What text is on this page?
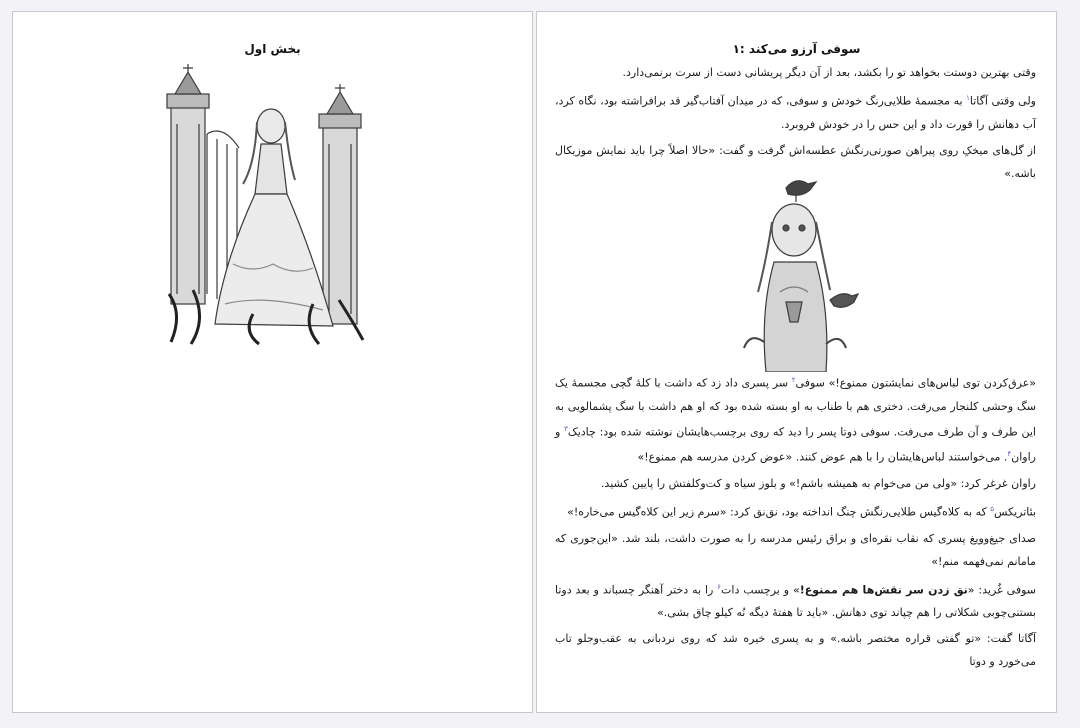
بخش اول	۱: سوفی آرزو می‌کند

وقتی بهترین دوستت بخواهد تو را بکشد، بعد از آن دیگر پریشانی دست از سرت برنمی‌دارد.

ولی وقتی آگاتا$^۱$ به مجسمهٔ طلایی‌رنگ خودش و سوفی، که در میدان آفتاب‌گیر قد برافراشته بود، نگاه کرد، آب دهانش را قورت داد و این حس را در خودش فروبرد.

از گل‌های میخکِ روی پیراهن صورتی‌رنگش عطسه‌اش گرفت و گفت: «حالا اصلاً چرا باید نمایش موزیکال باشه.»

«عرق‌کردن توی لباس‌های نمایشتون ممنوع!» سوفی$^۲$ سر پسری داد زد که داشت با کلهٔ گچی مجسمهٔ یک سگ وحشی کلنجار می‌رفت. دختری هم با طناب به او بسته شده بود که او هم داشت با سگ پشمالویی به این طرف و آن طرف می‌رفت. سوفی دوتا پسر را دید که روی برچسب‌هایشان نوشته شده بود: چادیک$^۳$ و راوان$^۴$. می‌خواستند لباس‌هایشان را با هم عوض کنند. «عوض کردن مدرسه هم ممنوع!»

راوان غرغر کرد: «ولی من می‌خوام به همیشه باشم!» و بلوز سیاه و کت‌وکلفتش را پایین کشید.

بئاتریکس$^۵$ که به کلاه‌گیس طلایی‌رنگش چنگ انداخته بود، نق‌نق کرد: «سرم زیر این کلاه‌گیس می‌خاره!»

صدای جیغ‌وویغ پسری که نقاب نقره‌ای و براق رئیس مدرسه را به صورت داشت، بلند شد. «این‌جوری که مامانم نمی‌فهمه منم!»

سوفی غُرید: «نق زدن سر نقش‌ها هم ممنوع!» و برچسب دات$^۶$ را به دختر آهنگر چسباند و بعد دوتا بستنی‌چوبی شکلاتی را هم چپاند توی دهانش. «باید تا هفتهٔ دیگه نُه کیلو چاق بشی.»

آگاتا گفت: «تو گفتی قراره مختصر باشه.» و به پسری خیره شد که روی نردبانی به عقب‌وجلو تاب می‌خورد و دوتا
